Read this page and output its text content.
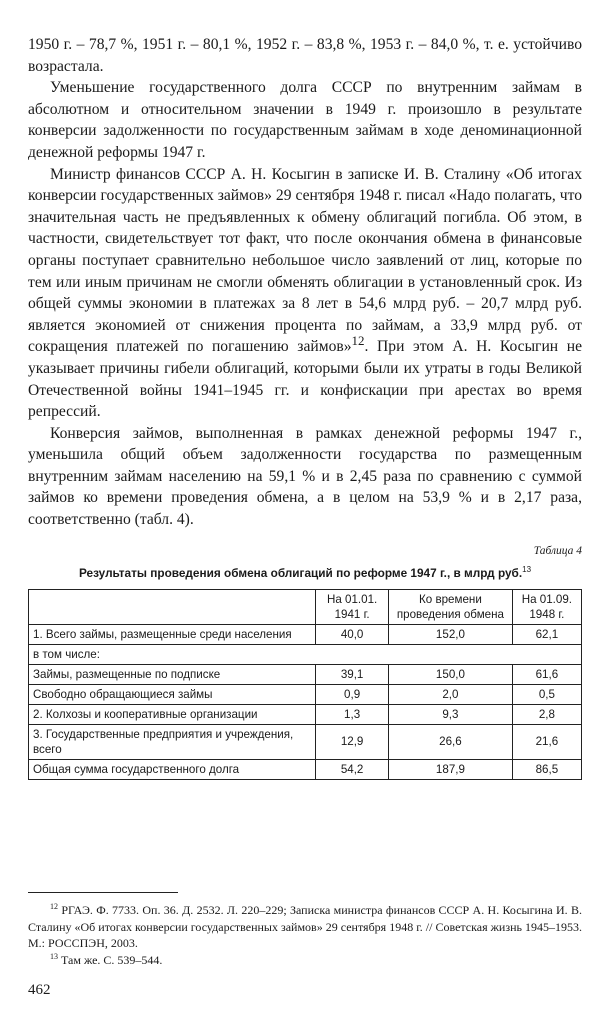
1950 г. – 78,7 %, 1951 г. – 80,1 %, 1952 г. – 83,8 %, 1953 г. – 84,0 %, т. е. устойчиво возрастала.

Уменьшение государственного долга СССР по внутренним займам в абсолютном и относительном значении в 1949 г. произошло в результате конверсии задолженности по государственным займам в ходе деноминационной денежной реформы 1947 г.

Министр финансов СССР А. Н. Косыгин в записке И. В. Сталину «Об итогах конверсии государственных займов» 29 сентября 1948 г. писал «Надо полагать, что значительная часть не предъявленных к обмену облигаций погибла. Об этом, в частности, свидетельствует тот факт, что после окончания обмена в финансовые органы поступает сравнительно небольшое число заявлений от лиц, которые по тем или иным причинам не смогли обменять облигации в установленный срок. Из общей суммы экономии в платежах за 8 лет в 54,6 млрд руб. – 20,7 млрд руб. является экономией от снижения процента по займам, а 33,9 млрд руб. от сокращения платежей по погашению займов»$^{12}$. При этом А. Н. Косыгин не указывает причины гибели облигаций, которыми были их утраты в годы Великой Отечественной войны 1941–1945 гг. и конфискации при арестах во время репрессий.

Конверсия займов, выполненная в рамках денежной реформы 1947 г., уменьшила общий объем задолженности государства по размещенным внутренним займам населению на 59,1 % и в 2,45 раза по сравнению с суммой займов ко времени проведения обмена, а в целом на 53,9 % и в 2,17 раза, соответственно (табл. 4).

Таблица 4
Результаты проведения обмена облигаций по реформе 1947 г., в млрд руб.$^{13}$
	На 01.01. 1941 г.	Ко времени проведения обмена	На 01.09. 1948 г.
1. Всего займы, размещенные среди населения	40,0	152,0	62,1
в том числе:			
Займы, размещенные по подписке	39,1	150,0	61,6
Свободно обращающиеся займы	0,9	2,0	0,5
2. Колхозы и кооперативные организации	1,3	9,3	2,8
3. Государственные предприятия и учреждения, всего	12,9	26,6	21,6
Общая сумма государственного долга	54,2	187,9	86,5

$^{12}$ РГАЭ. Ф. 7733. Оп. 36. Д. 2532. Л. 220–229; Записка министра финансов СССР А. Н. Косыгина И. В. Сталину «Об итогах конверсии государственных займов» 29 сентября 1948 г. // Советская жизнь 1945–1953. М.: РОССПЭН, 2003.

$^{13}$ Там же. С. 539–544.

462
